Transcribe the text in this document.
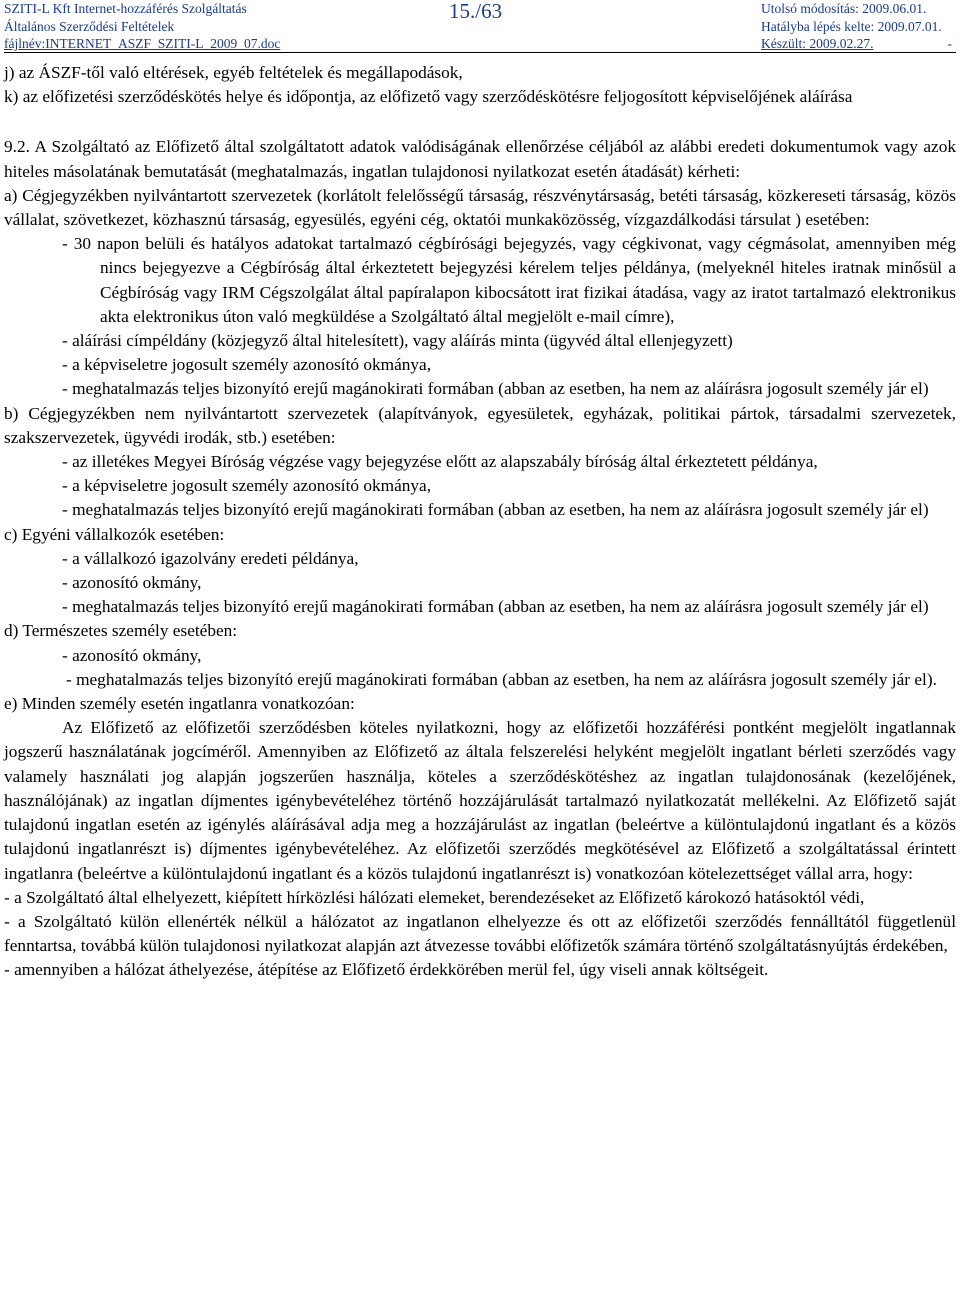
SZITI-L Kft Internet-hozzáférés Szolgáltatás
Általános Szerződési Feltételek
fájlnév:INTERNET_ASZF_SZITI-L_2009_07.doc
15./63	Utolsó módosítás: 2009.06.01.
Hatályba lépés kelte: 2009.07.01.
Készült: 2009.02.27.	-

j) az ÁSZF-től való eltérések, egyéb feltételek és megállapodások,

k) az előfizetési szerződéskötés helye és időpontja, az előfizető vagy szerződéskötésre feljogosított képviselőjének aláírása

9.2. A Szolgáltató az Előfizető által szolgáltatott adatok valódiságának ellenőrzése céljából az alábbi eredeti dokumentumok vagy azok hiteles másolatának bemutatását (meghatalmazás, ingatlan tulajdonosi nyilatkozat esetén átadását) kérheti:

a) Cégjegyzékben nyilvántartott szervezetek (korlátolt felelősségű társaság, részvénytársaság, betéti társaság, közkereseti társaság, közös vállalat, szövetkezet, közhasznú társaság, egyesülés, egyéni cég, oktatói munkaközösség, vízgazdálkodási társulat ) esetében:

- 30 napon belüli és hatályos adatokat tartalmazó cégbírósági bejegyzés, vagy cégkivonat, vagy cégmásolat, amennyiben még nincs bejegyezve a Cégbíróság által érkeztetett bejegyzési kérelem teljes példánya, (melyeknél hiteles iratnak minősül a Cégbíróság vagy IRM Cégszolgálat által papíralapon kibocsátott irat fizikai átadása, vagy az iratot tartalmazó elektronikus akta elektronikus úton való megküldése a Szolgáltató által megjelölt e-mail címre),

- aláírási címpéldány (közjegyző által hitelesített), vagy aláírás minta (ügyvéd által ellenjegyzett)

- a képviseletre jogosult személy azonosító okmánya,

- meghatalmazás teljes bizonyító erejű magánokirati formában (abban az esetben, ha nem az aláírásra jogosult személy jár el)

b) Cégjegyzékben nem nyilvántartott szervezetek (alapítványok, egyesületek, egyházak, politikai pártok, társadalmi szervezetek, szakszervezetek, ügyvédi irodák, stb.) esetében:

- az illetékes Megyei Bíróság végzése vagy bejegyzése előtt az alapszabály bíróság által érkeztetett példánya,

- a képviseletre jogosult személy azonosító okmánya,

- meghatalmazás teljes bizonyító erejű magánokirati formában (abban az esetben, ha nem az aláírásra jogosult személy jár el)

c) Egyéni vállalkozók esetében:

- a vállalkozó igazolvány eredeti példánya,

- azonosító okmány,

- meghatalmazás teljes bizonyító erejű magánokirati formában (abban az esetben, ha nem az aláírásra jogosult személy jár el)

d) Természetes személy esetében:

- azonosító okmány,

- meghatalmazás teljes bizonyító erejű magánokirati formában (abban az esetben, ha nem az aláírásra jogosult személy jár el).

e) Minden személy esetén ingatlanra vonatkozóan:

Az Előfizető az előfizetői szerződésben köteles nyilatkozni, hogy az előfizetői hozzáférési pontként megjelölt ingatlannak jogszerű használatának jogcíméről. Amennyiben az Előfizető az általa felszerelési helyként megjelölt ingatlant bérleti szerződés vagy valamely használati jog alapján jogszerűen használja, köteles a szerződéskötéshez az ingatlan tulajdonosának (kezelőjének, használójának) az ingatlan díjmentes igénybevételéhez történő hozzájárulását tartalmazó nyilatkozatát mellékelni. Az Előfizető saját tulajdonú ingatlan esetén az igénylés aláírásával adja meg a hozzájárulást az ingatlan (beleértve a különtulajdonú ingatlant és a közös tulajdonú ingatlanrészt is) díjmentes igénybevételéhez. Az előfizetői szerződés megkötésével az Előfizető a szolgáltatással érintett ingatlanra (beleértve a különtulajdonú ingatlant és a közös tulajdonú ingatlanrészt is) vonatkozóan kötelezettséget vállal arra, hogy:

- a Szolgáltató által elhelyezett, kiépített hírközlési hálózati elemeket, berendezéseket az Előfizető károkozó hatásoktól védi,

- a Szolgáltató külön ellenérték nélkül a hálózatot az ingatlanon elhelyezze és ott az előfizetői szerződés fennálltától függetlenül fenntartsa, továbbá külön tulajdonosi nyilatkozat alapján azt átvezesse további előfizetők számára történő szolgáltatásnyújtás érdekében,

- amennyiben a hálózat áthelyezése, átépítése az Előfizető érdekkörében merül fel, úgy viseli annak költségeit.
